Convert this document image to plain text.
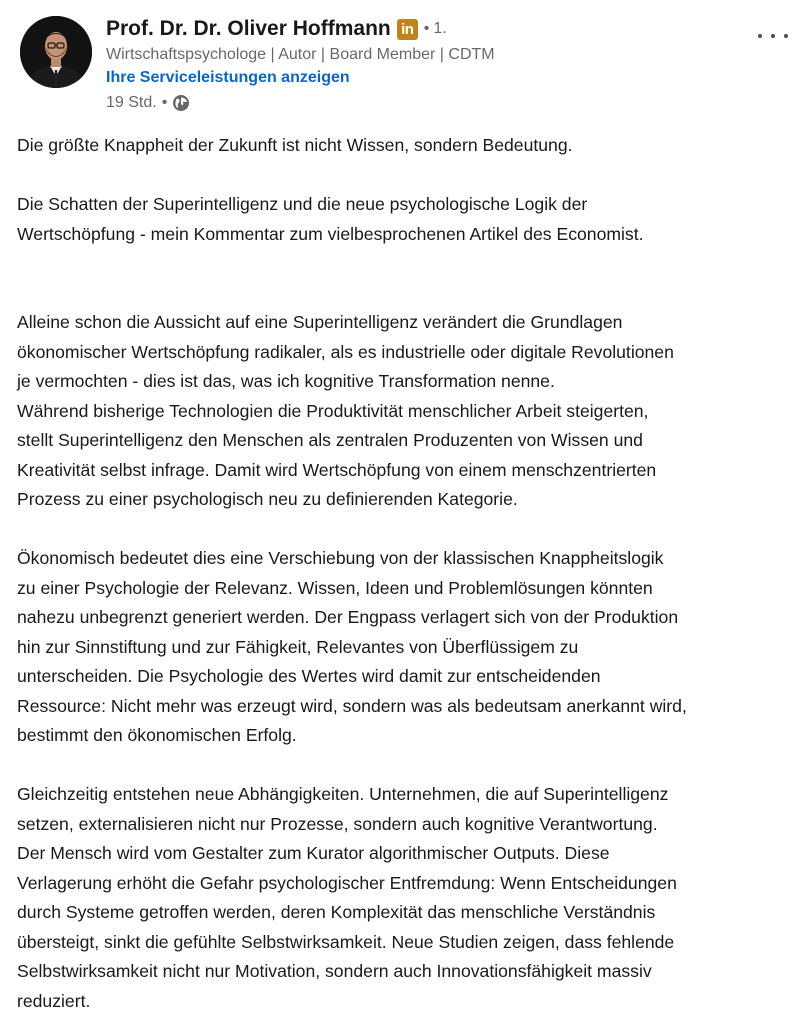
Prof. Dr. Dr. Oliver Hoffmann in • 1.
Wirtschaftspsychologe | Autor | Board Member | CDTM
Ihre Serviceleistungen anzeigen
19 Std. •

Die größte Knappheit der Zukunft ist nicht Wissen, sondern Bedeutung.

Die Schatten der Superintelligenz und die neue psychologische Logik der

Wertschöpfung - mein Kommentar zum vielbesprochenen Artikel des Economist.

Alleine schon die Aussicht auf eine Superintelligenz verändert die Grundlagen

ökonomischer Wertschöpfung radikaler, als es industrielle oder digitale Revolutionen

je vermochten - dies ist das, was ich kognitive Transformation nenne.

Während bisherige Technologien die Produktivität menschlicher Arbeit steigerten,

stellt Superintelligenz den Menschen als zentralen Produzenten von Wissen und

Kreativität selbst infrage. Damit wird Wertschöpfung von einem menschzentrierten

Prozess zu einer psychologisch neu zu definierenden Kategorie.

Ökonomisch bedeutet dies eine Verschiebung von der klassischen Knappheitslogik

zu einer Psychologie der Relevanz. Wissen, Ideen und Problemlösungen könnten

nahezu unbegrenzt generiert werden. Der Engpass verlagert sich von der Produktion

hin zur Sinnstiftung und zur Fähigkeit, Relevantes von Überflüssigem zu

unterscheiden. Die Psychologie des Wertes wird damit zur entscheidenden

Ressource: Nicht mehr was erzeugt wird, sondern was als bedeutsam anerkannt wird,

bestimmt den ökonomischen Erfolg.

Gleichzeitig entstehen neue Abhängigkeiten. Unternehmen, die auf Superintelligenz

setzen, externalisieren nicht nur Prozesse, sondern auch kognitive Verantwortung.

Der Mensch wird vom Gestalter zum Kurator algorithmischer Outputs. Diese

Verlagerung erhöht die Gefahr psychologischer Entfremdung: Wenn Entscheidungen

durch Systeme getroffen werden, deren Komplexität das menschliche Verständnis

übersteigt, sinkt die gefühlte Selbstwirksamkeit. Neue Studien zeigen, dass fehlende

Selbstwirksamkeit nicht nur Motivation, sondern auch Innovationsfähigkeit massiv

reduziert.
